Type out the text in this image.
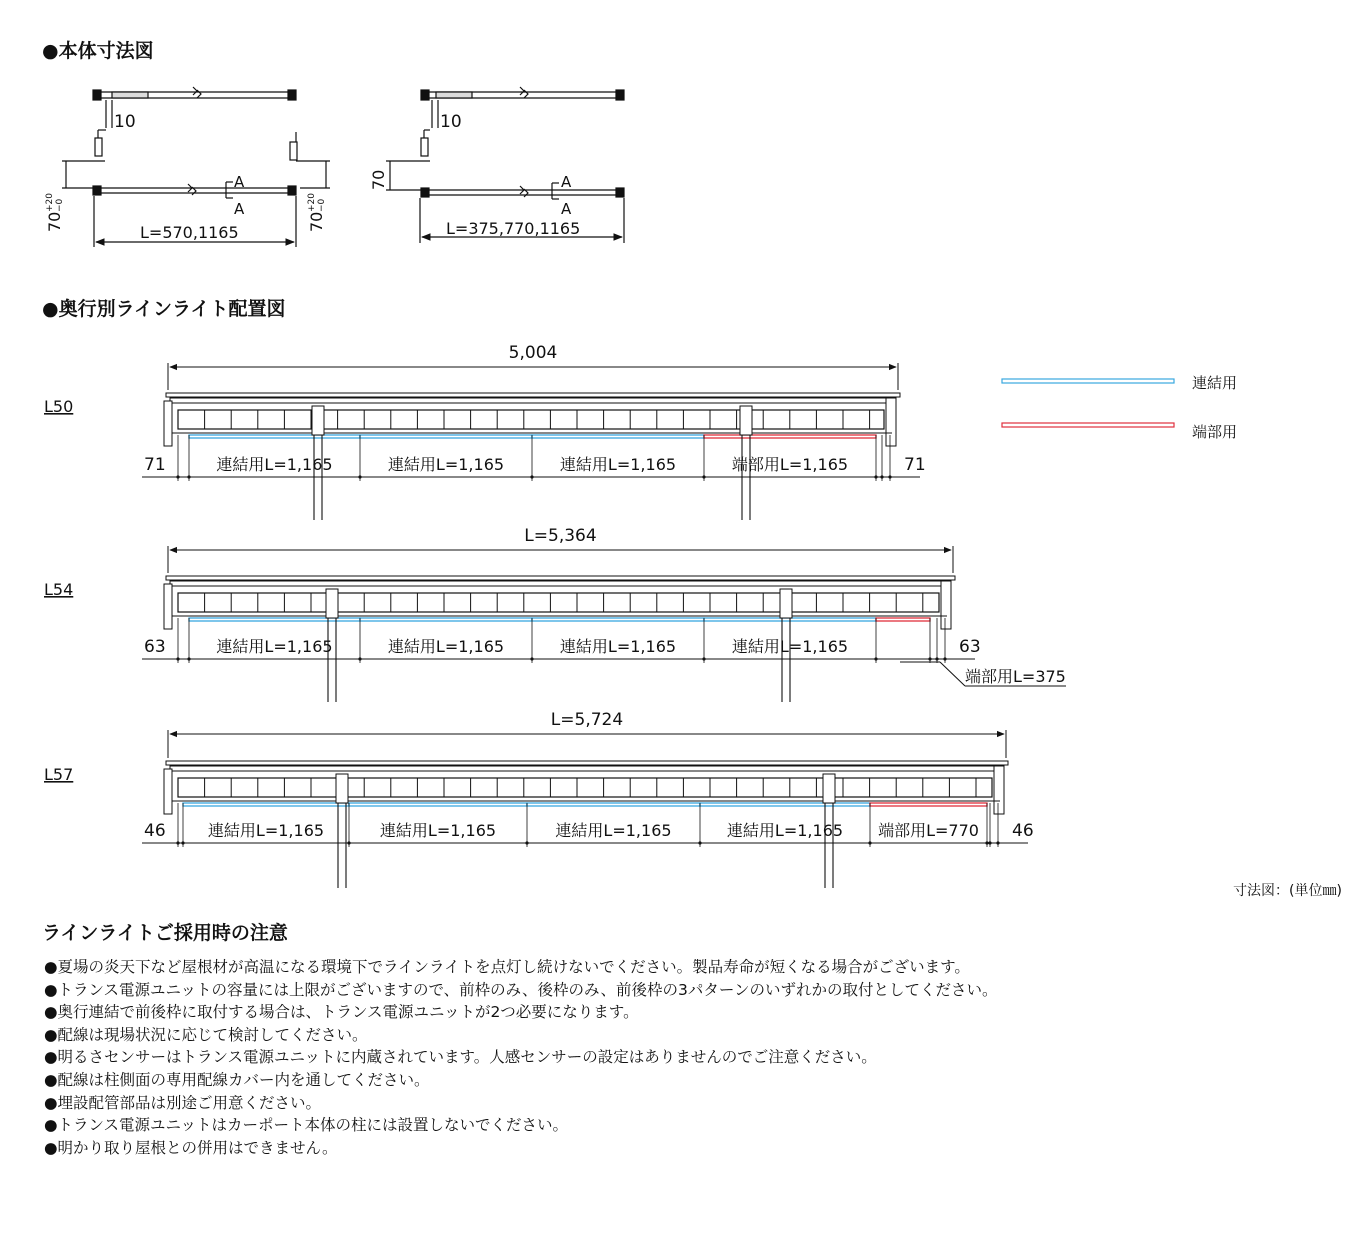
●本体寸法図
●奥行別ラインライト配置図
10
A
A
L=570,1165
70
+20 −0
70
+20 −0
10
A
A
L=375,770,1165
70
連結用
端部用
L50
5,004
71	71
連結用L=1,165	連結用L=1,165	連結用L=1,165	端部用L=1,165
L54
L=5,364
63	63
連結用L=1,165	連結用L=1,165	連結用L=1,165	連結用L=1,165
端部用L=375
L57
L=5,724
46	46
連結用L=1,165	連結用L=1,165	連結用L=1,165	連結用L=1,165 端部用L=770
寸法図：(単位㎜)
ラインライトご採用時の注意
●夏場の炎天下など屋根材が高温になる環境下でラインライトを点灯し続けないでください。製品寿命が短くなる場合がございます。
●トランス電源ユニットの容量には上限がございますので、前枠のみ、後枠のみ、前後枠の3パターンのいずれかの取付としてください。
●奥行連結で前後枠に取付する場合は、トランス電源ユニットが2つ必要になります。
●配線は現場状況に応じて検討してください。
●明るさセンサーはトランス電源ユニットに内蔵されています。人感センサーの設定はありませんのでご注意ください。
●配線は柱側面の専用配線カバー内を通してください。
●埋設配管部品は別途ご用意ください。
●トランス電源ユニットはカーポート本体の柱には設置しないでください。
●明かり取り屋根との併用はできません。
